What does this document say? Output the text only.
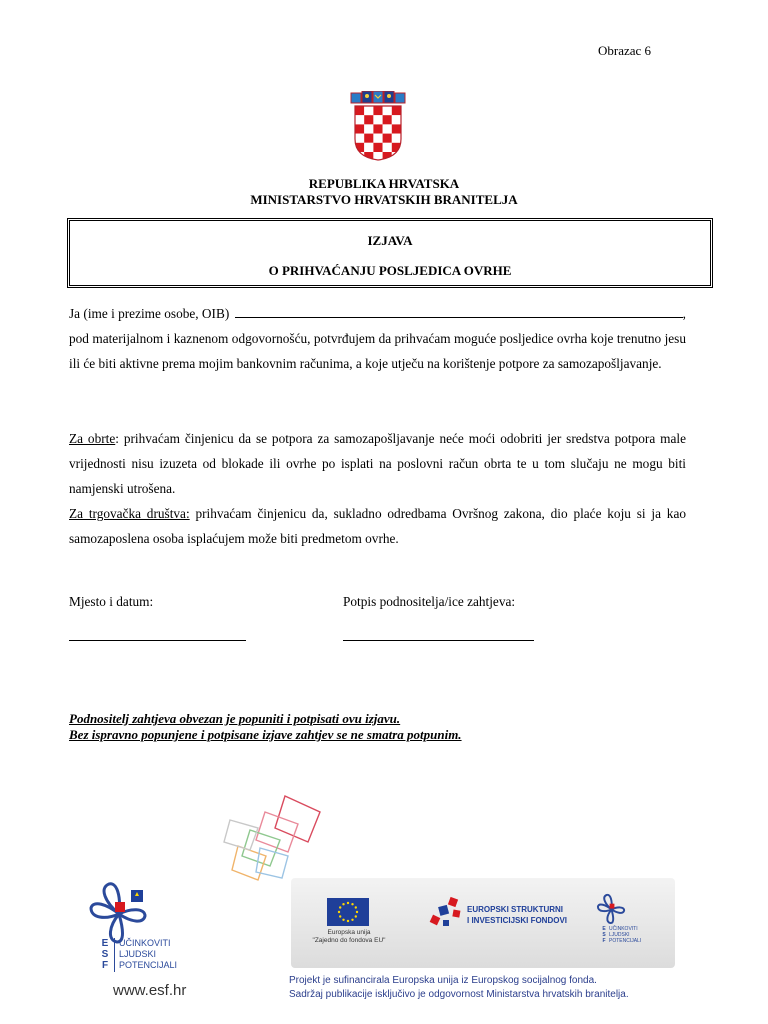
Obrazac 6
REPUBLIKA HRVATSKA
MINISTARSTVO HRVATSKIH BRANITELJA
IZJAVA
O PRIHVAĆANJU POSLJEDICA OVRHE
Ja (ime i prezime osobe, OIB)	,
pod materijalnom i kaznenom odgovornošću, potvrđujem da prihvaćam moguće posljedice ovrha koje trenutno jesu ili će biti aktivne prema mojim bankovnim računima, a koje utječu na korištenje potpore za samozapošljavanje.
Za obrte: prihvaćam činjenicu da se potpora za samozapošljavanje neće moći odobriti jer sredstva potpora male vrijednosti nisu izuzeta od blokade ili ovrhe po isplati na poslovni račun obrta te u tom slučaju ne mogu biti namjenski utrošena.
Za trgovačka društva: prihvaćam činjenicu da, sukladno odredbama Ovršnog zakona, dio plaće koju si ja kao samozaposlena osoba isplaćujem može biti predmetom ovrhe.
Mjesto i datum:	Potpis podnositelja/ice zahtjeva:
Podnositelj zahtjeva obvezan je popuniti i potpisati ovu izjavu.
Bez ispravno popunjene i potpisane izjave zahtjev se ne smatra potpunim.
E
S
F
UČINKOVITI
LJUDSKI
POTENCIJALI
www.esf.hr
Europska unija
"Zajedno do fondova EU"
EUROPSKI STRUKTURNI
I INVESTICIJSKI FONDOVI
E
S
F
UČINKOVITI
LJUDSKI
POTENCIJALI
Projekt je sufinancirala Europska unija iz Europskog socijalnog fonda.
Sadržaj publikacije isključivo je odgovornost Ministarstva hrvatskih branitelja.
